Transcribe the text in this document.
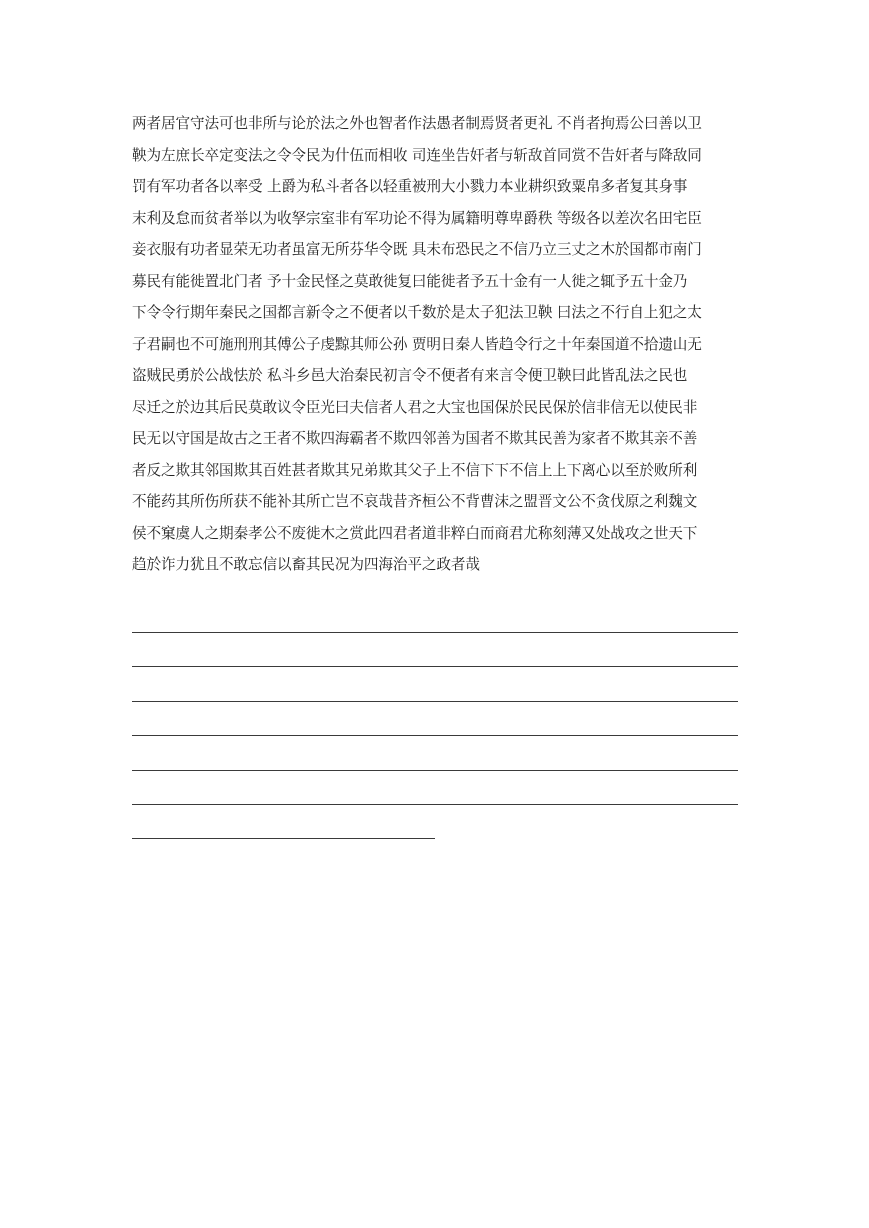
两者居官守法可也非所与论於法之外也智者作法愚者制焉贤者更礼 不肖者拘焉公曰善以卫
鞅为左庶长卒定变法之令令民为什伍而相收 司连坐告奸者与斩敌首同赏不告奸者与降敌同
罚有军功者各以率受 上爵为私斗者各以轻重被刑大小戮力本业耕织致粟帛多者复其身事
末利及怠而贫者举以为收孥宗室非有军功论不得为属籍明尊卑爵秩 等级各以差次名田宅臣
妾衣服有功者显荣无功者虽富无所芬华令既 具未布恐民之不信乃立三丈之木於国都市南门
募民有能徙置北门者 予十金民怪之莫敢徙复曰能徙者予五十金有一人徙之辄予五十金乃
下令令行期年秦民之国都言新令之不便者以千数於是太子犯法卫鞅 曰法之不行自上犯之太
子君嗣也不可施刑刑其傅公子虔黥其师公孙 贾明日秦人皆趋令行之十年秦国道不拾遗山无
盗贼民勇於公战怯於 私斗乡邑大治秦民初言令不便者有来言令便卫鞅曰此皆乱法之民也
尽迁之於边其后民莫敢议令臣光曰夫信者人君之大宝也国保於民民保於信非信无以使民非
民无以守国是故古之王者不欺四海霸者不欺四邻善为国者不欺其民善为家者不欺其亲不善
者反之欺其邻国欺其百姓甚者欺其兄弟欺其父子上不信下下不信上上下离心以至於败所利
不能药其所伤所获不能补其所亡岂不哀哉昔齐桓公不背曹沫之盟晋文公不贪伐原之利魏文
侯不窠虞人之期秦孝公不废徙木之赏此四君者道非粹白而商君尤称刻薄又处战攻之世天下
趋於诈力犹且不敢忘信以畜其民况为四海治平之政者哉
